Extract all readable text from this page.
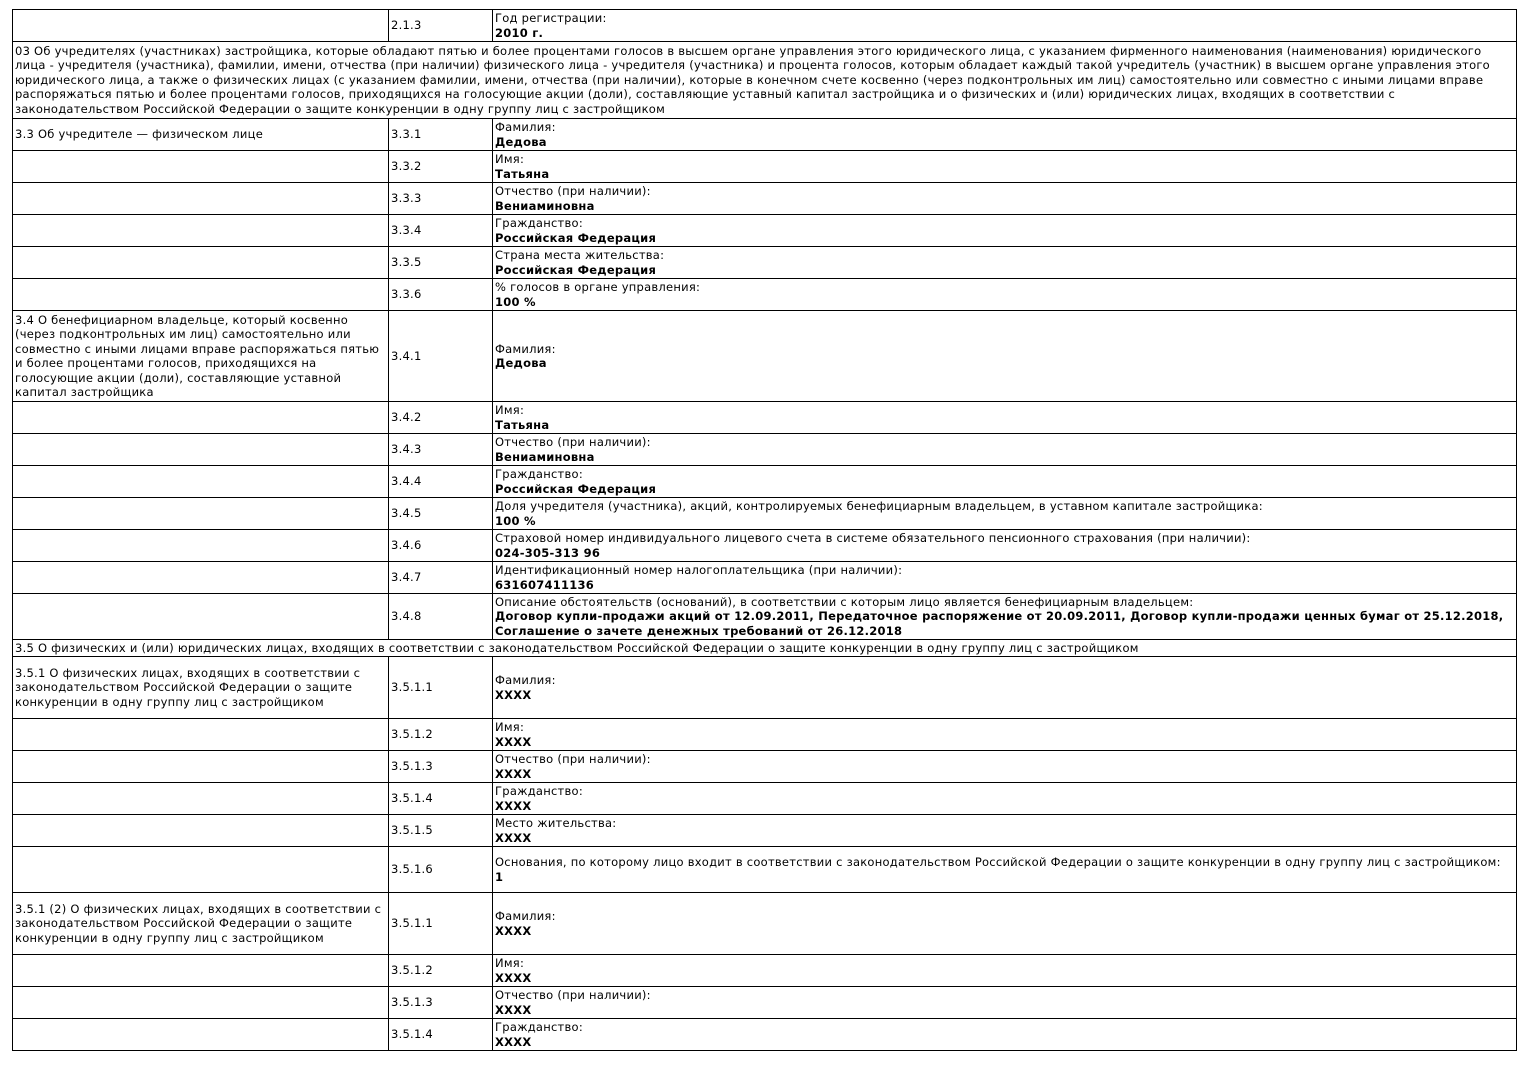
	2.1.3	Год регистрации:
2010 г.

03 Об учредителях (участниках) застройщика, которые обладают пятью и более процентами голосов в высшем органе управления этого юридического лица, с указанием фирменного наименования (наименования) юридического лица - учредителя (участника), фамилии, имени, отчества (при наличии) физического лица - учредителя (участника) и процента голосов, которым обладает каждый такой учредитель (участник) в высшем органе управления этого юридического лица, а также о физических лицах (с указанием фамилии, имени, отчества (при наличии), которые в конечном счете косвенно (через подконтрольных им лиц) самостоятельно или совместно с иными лицами вправе распоряжаться пятью и более процентами голосов, приходящихся на голосующие акции (доли), составляющие уставный капитал застройщика и о физических и (или) юридических лицах, входящих в соответствии с законодательством Российской Федерации о защите конкуренции в одну группу лиц с застройщиком		
3.3 Об учредителе — физическом лице	3.3.1	Фамилия:
Дедова

	3.3.2	Имя:
Татьяна

	3.3.3	Отчество (при наличии):
Вениаминовна

	3.3.4	Гражданство:
Российская Федерация

	3.3.5	Страна места жительства:
Российская Федерация

	3.3.6	% голосов в органе управления:
100 %

3.4 О бенефициарном владельце, который косвенно (через подконтрольных им лиц) самостоятельно или совместно с иными лицами вправе распоряжаться пятью и более процентами голосов, приходящихся на голосующие акции (доли), составляющие уставной капитал застройщика	3.4.1	Фамилия:
Дедова

	3.4.2	Имя:
Татьяна

	3.4.3	Отчество (при наличии):
Вениаминовна

	3.4.4	Гражданство:
Российская Федерация

	3.4.5	Доля учредителя (участника), акций, контролируемых бенефициарным владельцем, в уставном капитале застройщика:
100 %

	3.4.6	Страховой номер индивидуального лицевого счета в системе обязательного пенсионного страхования (при наличии):
024-305-313 96

	3.4.7	Идентификационный номер налогоплательщика (при наличии):
631607411136

	3.4.8	Описание обстоятельств (оснований), в соответствии с которым лицо является бенефициарным владельцем:
Договор купли-продажи акций от 12.09.2011, Передаточное распоряжение от 20.09.2011, Договор купли-продажи ценных бумаг от 25.12.2018, Соглашение о зачете денежных требований от 26.12.2018

3.5 О физических и (или) юридических лицах, входящих в соответствии с законодательством Российской Федерации о защите конкуренции в одну группу лиц с застройщиком		
3.5.1 О физических лицах, входящих в соответствии с законодательством Российской Федерации о защите конкуренции в одну группу лиц с застройщиком	3.5.1.1	Фамилия:
XXXX

	3.5.1.2	Имя:
XXXX

	3.5.1.3	Отчество (при наличии):
XXXX

	3.5.1.4	Гражданство:
XXXX

	3.5.1.5	Место жительства:
XXXX

	3.5.1.6	Основания, по которому лицо входит в соответствии с законодательством Российской Федерации о защите конкуренции в одну группу лиц с застройщиком:
1

3.5.1 (2) О физических лицах, входящих в соответствии с законодательством Российской Федерации о защите конкуренции в одну группу лиц с застройщиком	3.5.1.1	Фамилия:
XXXX

	3.5.1.2	Имя:
XXXX

	3.5.1.3	Отчество (при наличии):
XXXX

	3.5.1.4	Гражданство:
XXXX
